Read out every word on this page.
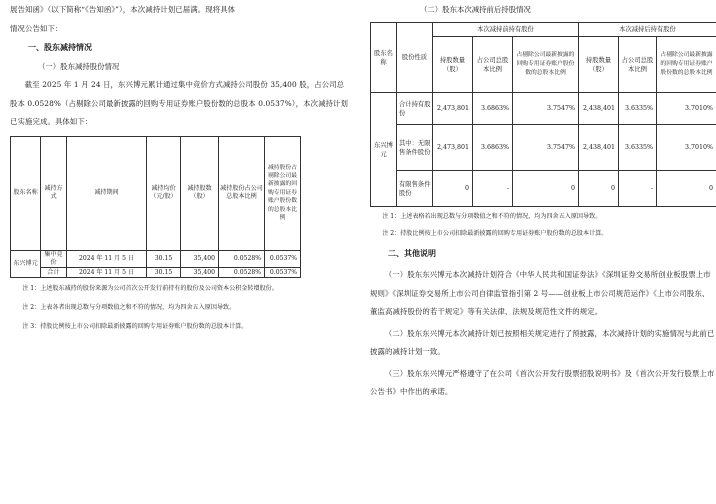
展告知函》（以下简称“《告知函》”），本次减持计划已届满。现将具体

情况公告如下：

一、股东减持情况

（一）股东减持股份情况

截至 2025 年 1 月 24 日，东兴博元累计通过集中竞价方式减持公司股份 35,400 股，占公司总股本 0.0528%（占剔除公司最新披露的回购专用证券账户股份数的总股本 0.0537%），本次减持计划已实施完成。具体如下：

股东名称	减持方式	减持期间	减持均价（元/股）	减持股数（股）	减持股份占公司总股本比例	减持股份占剔除公司最新披露的回购专用证券账户股份数的总股本比例
东兴博元	集中竞价	2024 年 11 月 5 日	30.15	35,400	0.0528%	0.0537%
	合计	2024 年 11 月 5 日	30.15	35,400	0.0528%	0.0537%

注 1：上述股东减持的股份来源为公司首次公开发行前持有的股份及公司资本公积金转增股份。

注 2：上表各者出现总数与分项数值之和不符的情况，均为四舍五入原因导致。

注 3：持股比例按上市公司扣除最新披露的回购专用证券账户股份数的总股本计算。

（二）股东本次减持前后持股情况

股东名称	股份性质	本次减持前持有股份			本次减持后持有股份		
		持股数量（股）	占公司总股本比例	占剔除公司最新披露的回购专用证券账户股份数的总股本比例	持股数量（股）	占公司总股本比例	占剔除公司最新披露的回购专用证券账户股份数的总股本比例
东兴博元	合计持有股份	2,473,801	3.6863%	3.7547%	2,438,401	3.6335%	3.7010%
	其中：无限售条件股份	2,473,801	3.6863%	3.7547%	2,438,401	3.6335%	3.7010%
	有限售条件股份	0	-	0	0	-	0

注 1：上述表格若出现总数与分项数值之和不符的情况，均为四舍五入原因导致。

注 2：持股比例按上市公司扣除最新披露的回购专用证券账户股份数的总股本计算。

二、其他说明

（一）股东东兴博元本次减持计划符合《中华人民共和国证券法》《深圳证券交易所创业板股票上市规则》《深圳证券交易所上市公司自律监管指引第 2 号——创业板上市公司规范运作》《上市公司股东、董监高减持股份的若干规定》等有关法律、法规及规范性文件的规定。

（二）股东东兴博元本次减持计划已按照相关规定进行了预披露，本次减持计划的实施情况与此前已披露的减持计划一致。

（三）股东东兴博元严格遵守了在公司《首次公开发行股票招股说明书》及《首次公开发行股票上市公告书》中作出的承诺。
